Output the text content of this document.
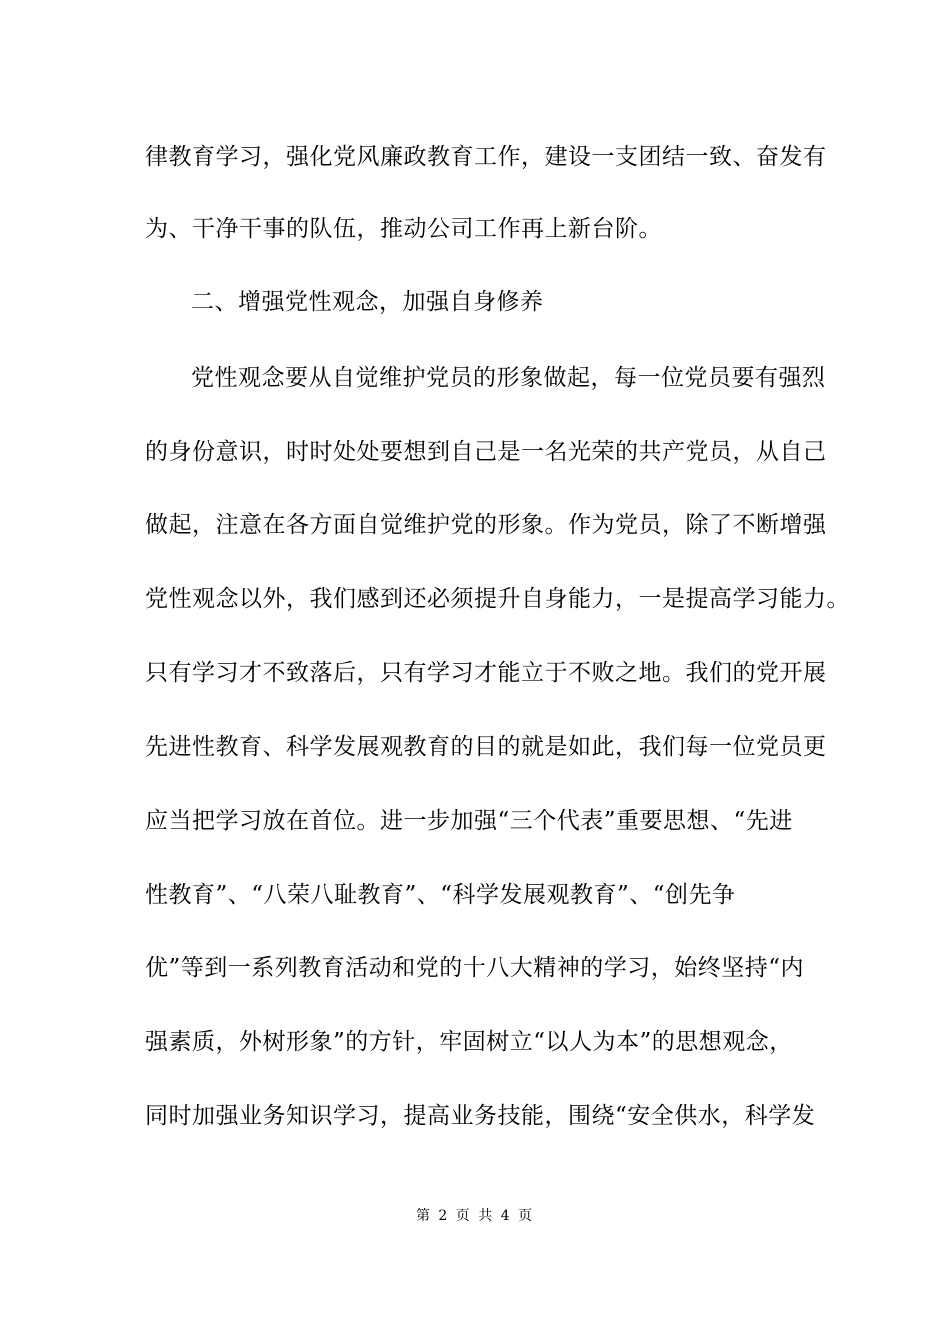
律教育学习，强化党风廉政教育工作，建设一支团结一致、奋发有
为、干净干事的队伍，推动公司工作再上新台阶。
二、增强党性观念，加强自身修养
党性观念要从自觉维护党员的形象做起，每一位党员要有强烈
的身份意识，时时处处要想到自己是一名光荣的共产党员，从自己
做起，注意在各方面自觉维护党的形象。作为党员，除了不断增强
党性观念以外，我们感到还必须提升自身能力，一是提高学习能力。
只有学习才不致落后，只有学习才能立于不败之地。我们的党开展
先进性教育、科学发展观教育的目的就是如此，我们每一位党员更
应当把学习放在首位。进一步加强“三个代表”重要思想、“先进
性教育”、“八荣八耻教育”、“科学发展观教育”、“创先争
优”等到一系列教育活动和党的十八大精神的学习，始终坚持“内
强素质，外树形象”的方针，牢固树立“以人为本”的思想观念，
同时加强业务知识学习，提高业务技能，围绕“安全供水，科学发
第 2 页 共 4 页
